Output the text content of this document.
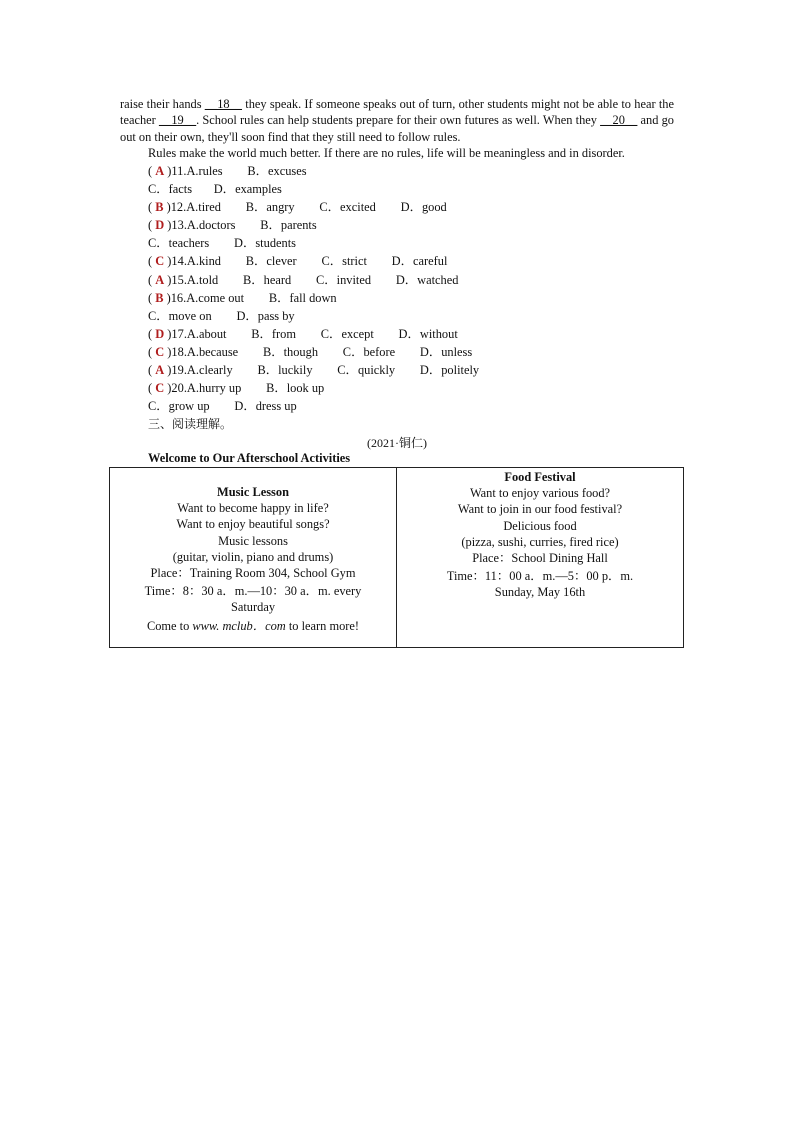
raise their hands __18__ they speak. If someone speaks out of turn, other students might not be able to hear the teacher __19__. School rules can help students prepare for their own futures as well. When they __20__ and go out on their own, they'll soon find that they still need to follow rules.

Rules make the world much better. If there are no rules, life will be meaningless and in disorder.

( A )11.A.rules        B．excuses
C．facts       D．examples
( B )12.A.tired        B．angry        C．excited        D．good
( D )13.A.doctors        B．parents
C．teachers        D．students
( C )14.A.kind        B．clever        C．strict        D．careful
( A )15.A.told        B．heard        C．invited        D．watched
( B )16.A.come out        B．fall down
C．move on        D．pass by
( D )17.A.about        B．from        C．except        D．without
( C )18.A.because        B．though        C．before        D．unless
( A )19.A.clearly        B．luckily        C．quickly        D．politely
( C )20.A.hurry up        B．look up
C．grow up        D．dress up
三、阅读理解。
(2021·铜仁)
Welcome to Our Afterschool Activities
Music Lesson
Want to become happy in life?
Want to enjoy beautiful songs?
Music lessons
(guitar, violin, piano and drums)
Place：Training Room 304, School Gym
Time：8：30 a．m.—10：30 a．m. every Saturday
Come to www. mclub．com to learn more!
Food Festival
Want to enjoy various food?
Want to join in our food festival?
Delicious food
(pizza, sushi, curries, fired rice)
Place：School Dining Hall
Time：11：00 a．m.—5：00 p．m.
Sunday, May 16th
